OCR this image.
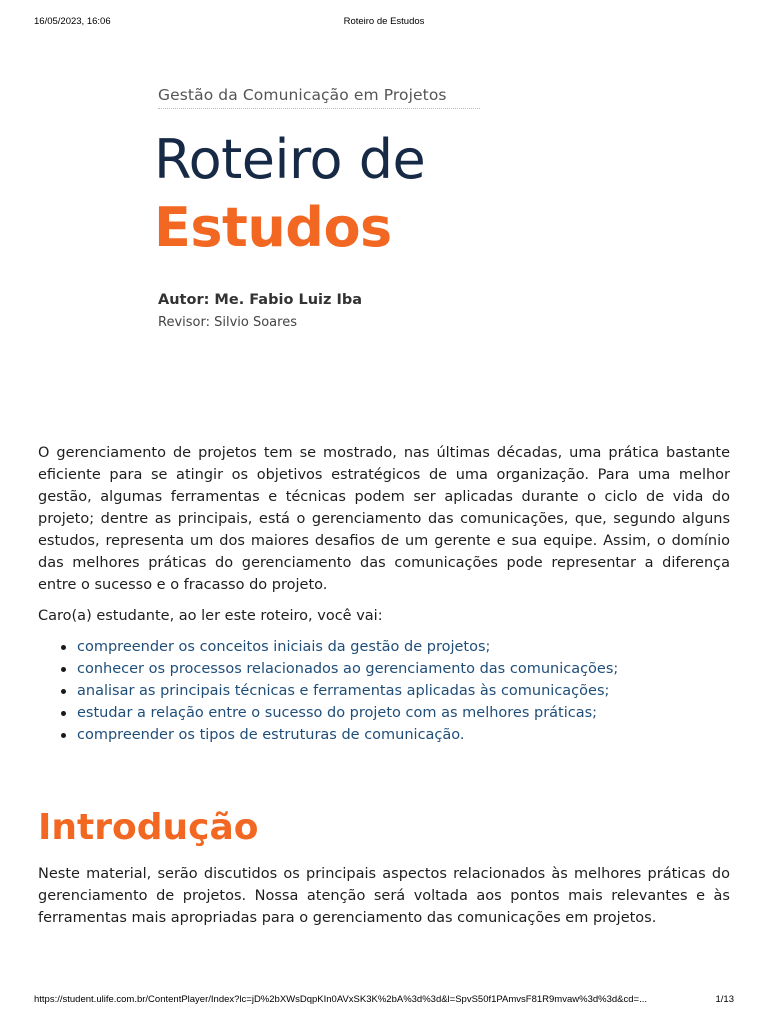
16/05/2023, 16:06	Roteiro de Estudos
Gestão da Comunicação em Projetos
Roteiro de
Estudos
Autor: Me. Fabio Luiz Iba
Revisor: Silvio Soares

O gerenciamento de projetos tem se mostrado, nas últimas décadas, uma prática bastante eficiente para se atingir os objetivos estratégicos de uma organização. Para uma melhor gestão, algumas ferramentas e técnicas podem ser aplicadas durante o ciclo de vida do projeto; dentre as principais, está o gerenciamento das comunicações, que, segundo alguns estudos, representa um dos maiores desafios de um gerente e sua equipe. Assim, o domínio das melhores práticas do gerenciamento das comunicações pode representar a diferença entre o sucesso e o fracasso do projeto.

Caro(a) estudante, ao ler este roteiro, você vai:

compreender os conceitos iniciais da gestão de projetos;
conhecer os processos relacionados ao gerenciamento das comunicações;
analisar as principais técnicas e ferramentas aplicadas às comunicações;
estudar a relação entre o sucesso do projeto com as melhores práticas;
compreender os tipos de estruturas de comunicação.
Introdução

Neste material, serão discutidos os principais aspectos relacionados às melhores práticas do gerenciamento de projetos. Nossa atenção será voltada aos pontos mais relevantes e às ferramentas mais apropriadas para o gerenciamento das comunicações em projetos.

https://student.ulife.com.br/ContentPlayer/Index?lc=jD%2bXWsDqpKIn0AVxSK3K%2bA%3d%3d&l=SpvS50f1PAmvsF81R9mvaw%3d%3d&cd=...	1/13
